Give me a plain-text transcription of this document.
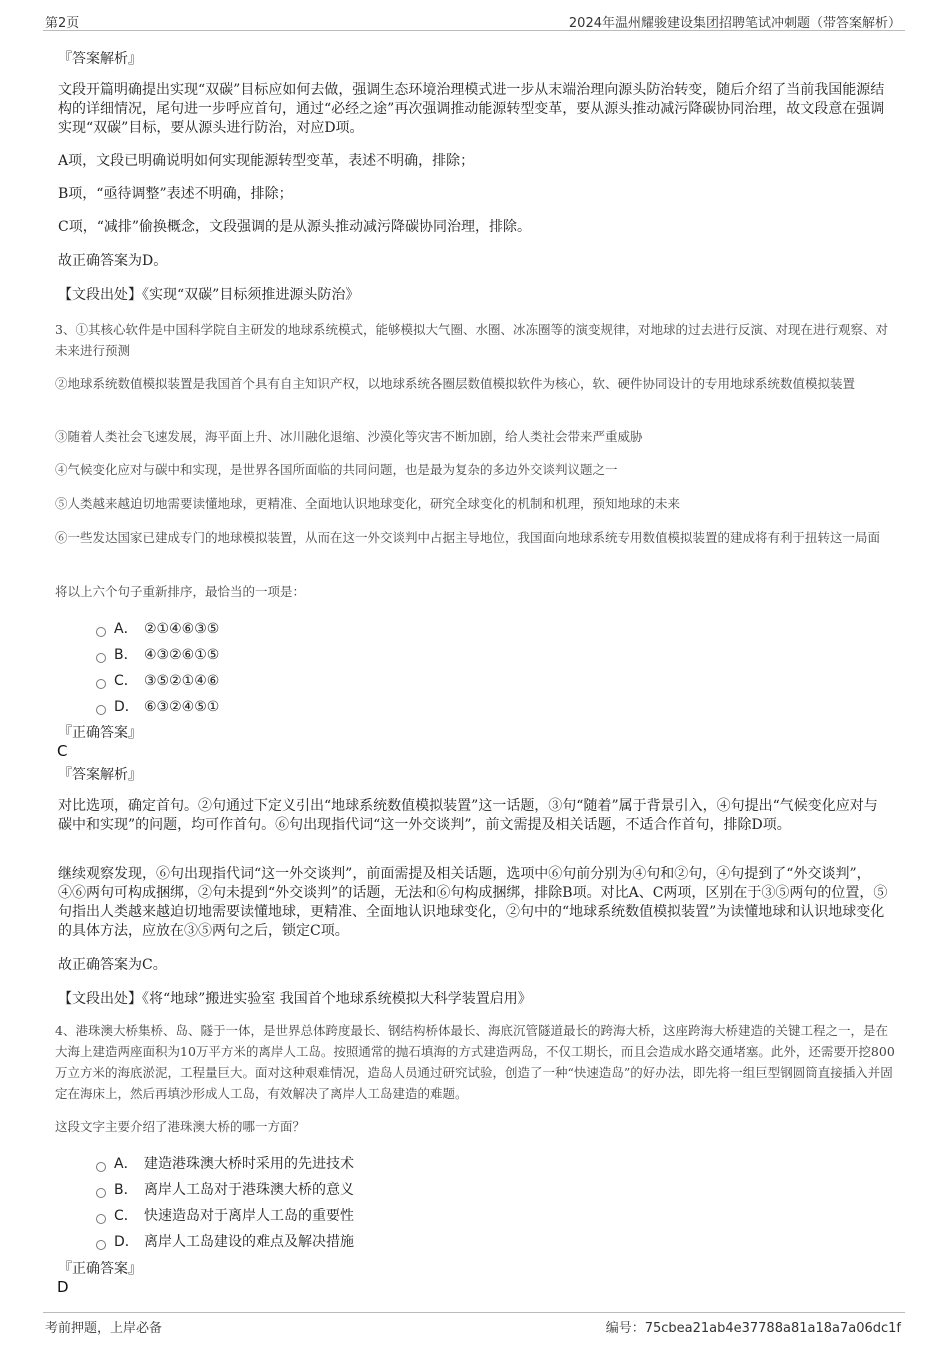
第2页	2024年温州耀骏建设集团招聘笔试冲刺题（带答案解析）
『答案解析』
文段开篇明确提出实现“双碳”目标应如何去做，强调生态环境治理模式进一步从末端治理向源头防治转变，随后介绍了当前我国能源结构的详细情况，尾句进一步呼应首句，通过“必经之途”再次强调推动能源转型变革，要从源头推动减污降碳协同治理，故文段意在强调实现“双碳”目标，要从源头进行防治，对应D项。
A项，文段已明确说明如何实现能源转型变革，表述不明确，排除；
B项，“亟待调整”表述不明确，排除；
C项，“减排”偷换概念，文段强调的是从源头推动减污降碳协同治理，排除。
故正确答案为D。
【文段出处】《实现“双碳”目标须推进源头防治》
3、①其核心软件是中国科学院自主研发的地球系统模式，能够模拟大气圈、水圈、冰冻圈等的演变规律，对地球的过去进行反演、对现在进行观察、对未来进行预测
②地球系统数值模拟装置是我国首个具有自主知识产权，以地球系统各圈层数值模拟软件为核心，软、硬件协同设计的专用地球系统数值模拟装置
③随着人类社会飞速发展，海平面上升、冰川融化退缩、沙漠化等灾害不断加剧，给人类社会带来严重威胁
④气候变化应对与碳中和实现，是世界各国所面临的共同问题，也是最为复杂的多边外交谈判议题之一
⑤人类越来越迫切地需要读懂地球，更精准、全面地认识地球变化，研究全球变化的机制和机理，预知地球的未来
⑥一些发达国家已建成专门的地球模拟装置，从而在这一外交谈判中占据主导地位，我国面向地球系统专用数值模拟装置的建成将有利于扭转这一局面
将以上六个句子重新排序，最恰当的一项是：
A． ②①④⑥③⑤
B． ④③②⑥①⑤
C． ③⑤②①④⑥
D． ⑥③②④⑤①
『正确答案』
C
『答案解析』
对比选项，确定首句。②句通过下定义引出“地球系统数值模拟装置”这一话题，③句“随着”属于背景引入，④句提出“气候变化应对与碳中和实现”的问题，均可作首句。⑥句出现指代词“这一外交谈判”，前文需提及相关话题，不适合作首句，排除D项。
继续观察发现，⑥句出现指代词“这一外交谈判”，前面需提及相关话题，选项中⑥句前分别为④句和②句，④句提到了“外交谈判”，④⑥两句可构成捆绑，②句未提到“外交谈判”的话题，无法和⑥句构成捆绑，排除B项。对比A、C两项，区别在于③⑤两句的位置，⑤句指出人类越来越迫切地需要读懂地球，更精准、全面地认识地球变化，②句中的“地球系统数值模拟装置”为读懂地球和认识地球变化的具体方法，应放在③⑤两句之后，锁定C项。
故正确答案为C。
【文段出处】《将“地球”搬进实验室 我国首个地球系统模拟大科学装置启用》
4、港珠澳大桥集桥、岛、隧于一体，是世界总体跨度最长、钢结构桥体最长、海底沉管隧道最长的跨海大桥，这座跨海大桥建造的关键工程之一，是在大海上建造两座面积为10万平方米的离岸人工岛。按照通常的抛石填海的方式建造两岛，不仅工期长，而且会造成水路交通堵塞。此外，还需要开挖800万立方米的海底淤泥，工程量巨大。面对这种艰难情况，造岛人员通过研究试验，创造了一种“快速造岛”的好办法，即先将一组巨型钢圆筒直接插入并固定在海床上，然后再填沙形成人工岛，有效解决了离岸人工岛建造的难题。
这段文字主要介绍了港珠澳大桥的哪一方面？
A． 建造港珠澳大桥时采用的先进技术
B． 离岸人工岛对于港珠澳大桥的意义
C． 快速造岛对于离岸人工岛的重要性
D． 离岸人工岛建设的难点及解决措施
『正确答案』
D
考前押题，上岸必备	编号：75cbea21ab4e37788a81a18a7a06dc1f
